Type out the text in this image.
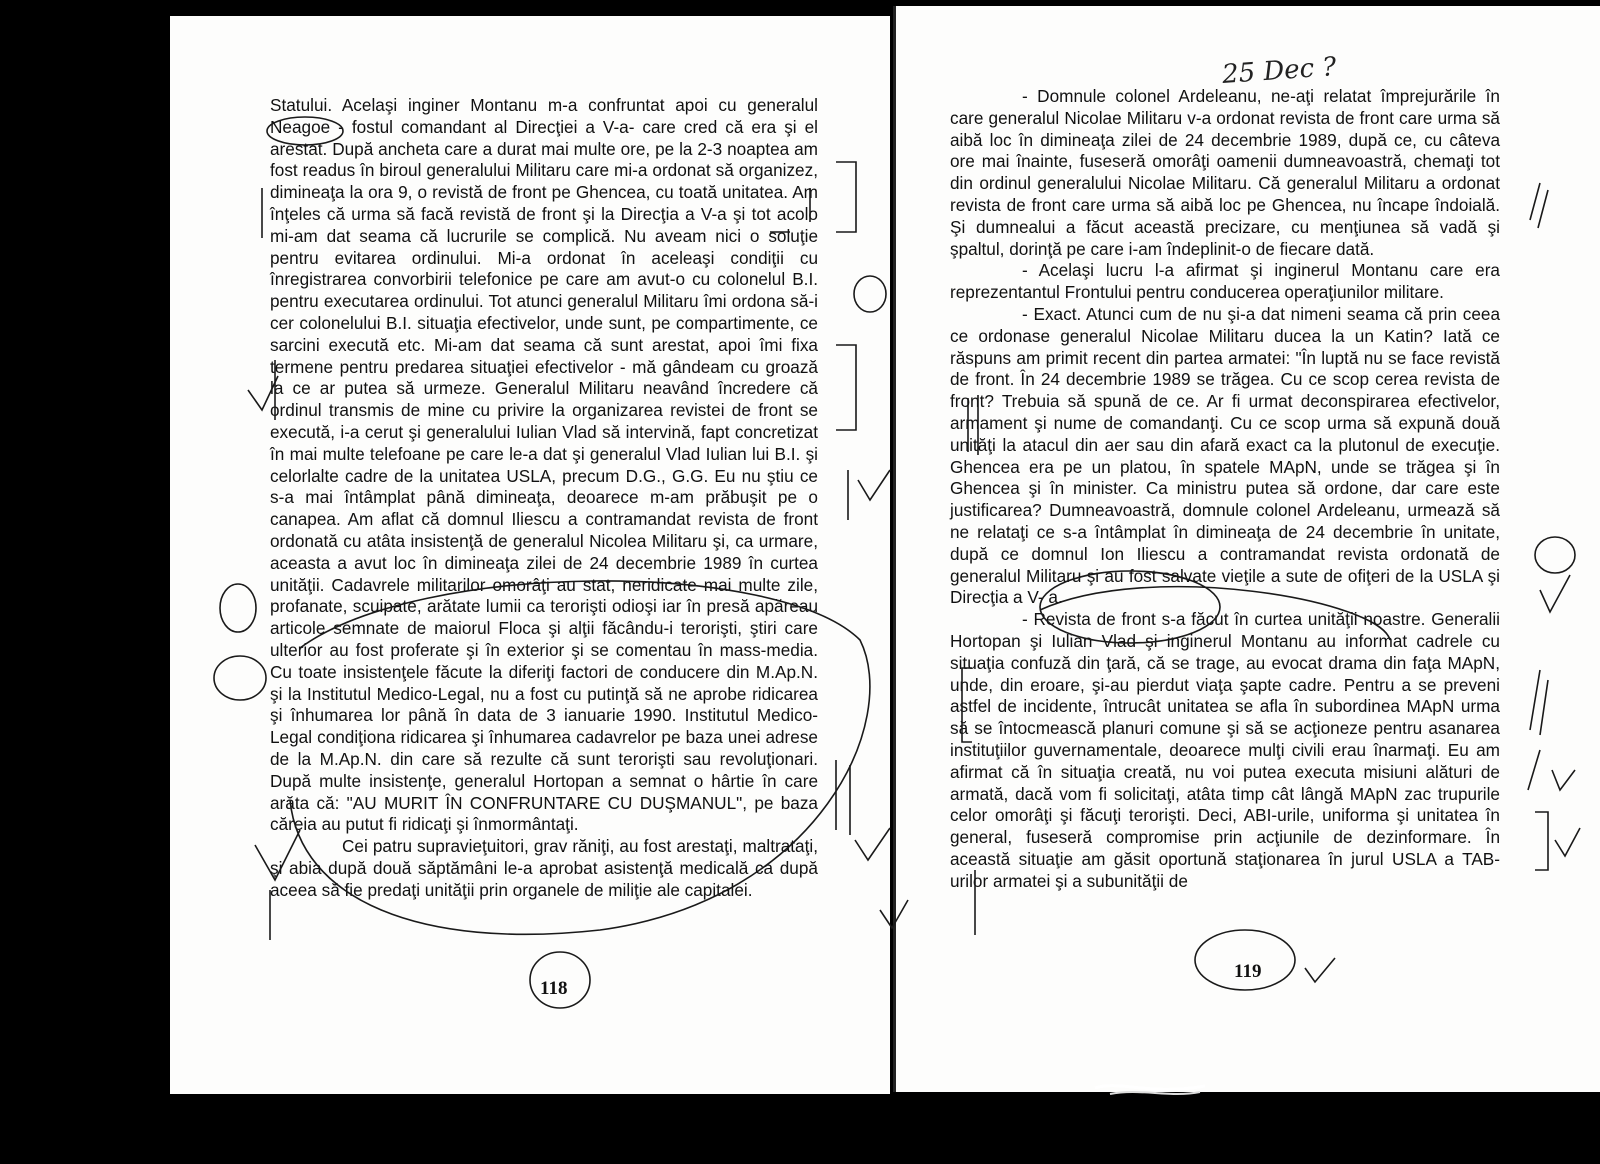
Statului. Acelaşi inginer Montanu m-a confruntat apoi cu generalul Neagoe - fostul comandant al Direcţiei a V-a- care cred că era şi el arestat. După ancheta care a durat mai multe ore, pe la 2-3 noaptea am fost readus în biroul generalului Militaru care mi-a ordonat să organizez, dimineaţa la ora 9, o revistă de front pe Ghencea, cu toată unitatea. Am înţeles că urma să facă revistă de front şi la Direcţia a V-a şi tot acolo mi-am dat seama că lucrurile se complică. Nu aveam nici o soluţie pentru evitarea ordinului. Mi-a ordonat în aceleaşi condiţii cu înregistrarea convorbirii telefonice pe care am avut-o cu colonelul B.I. pentru executarea ordinului. Tot atunci generalul Militaru îmi ordona să-i cer colonelului B.I. situaţia efectivelor, unde sunt, pe compartimente, ce sarcini execută etc. Mi-am dat seama că sunt arestat, apoi îmi fixa termene pentru predarea situaţiei efectivelor - mă gândeam cu groază la ce ar putea să urmeze. Generalul Militaru neavând încredere că ordinul transmis de mine cu privire la organizarea revistei de front se execută, i-a cerut şi generalului Iulian Vlad să intervină, fapt concretizat în mai multe telefoane pe care le-a dat şi generalul Vlad Iulian lui B.I. şi celorlalte cadre de la unitatea USLA, precum D.G., G.G. Eu nu ştiu ce s-a mai întâmplat până dimineaţa, deoarece m-am prăbuşit pe o canapea. Am aflat că domnul Iliescu a contramandat revista de front ordonată cu atâta insistenţă de generalul Nicolea Militaru şi, ca urmare, aceasta a avut loc în dimineaţa zilei de 24 decembrie 1989 în curtea unităţii. Cadavrele militarilor omorâţi au stat, neridicate mai multe zile, profanate, scuipate, arătate lumii ca terorişti odioşi iar în presă apăreau articole semnate de maiorul Floca şi alţii făcându-i terorişti, ştiri care ulterior au fost proferate şi în exterior şi se comentau în mass-media. Cu toate insistenţele făcute la diferiţi factori de conducere din M.Ap.N. şi la Institutul Medico-Legal, nu a fost cu putinţă să ne aprobe ridicarea şi înhumarea lor până în data de 3 ianuarie 1990. Institutul Medico-Legal condiţiona ridicarea şi înhumarea cadavrelor pe baza unei adrese de la M.Ap.N. din care să rezulte că sunt terorişti sau revoluţionari. După multe insistenţe, generalul Hortopan a semnat o hârtie în care arăta că: "AU MURIT ÎN CONFRUNTARE CU DUŞMANUL", pe baza căreia au putut fi ridicaţi şi înmormântaţi.

Cei patru supravieţuitori, grav răniţi, au fost arestaţi, maltrataţi, şi abia după două săptămâni le-a aprobat asistenţă medicală ca după aceea să fie predaţi unităţii prin organele de miliţie ale capitalei.

118

- Domnule colonel Ardeleanu, ne-aţi relatat împrejurările în care generalul Nicolae Militaru v-a ordonat revista de front care urma să aibă loc în dimineaţa zilei de 24 decembrie 1989, după ce, cu câteva ore mai înainte, fuseseră omorâţi oamenii dumneavoastră, chemaţi tot din ordinul generalului Nicolae Militaru. Că generalul Militaru a ordonat revista de front care urma să aibă loc pe Ghencea, nu încape îndoială. Şi dumnealui a făcut această precizare, cu menţiunea să vadă şi şpaltul, dorinţă pe care i-am îndeplinit-o de fiecare dată.

- Acelaşi lucru l-a afirmat şi inginerul Montanu care era reprezentantul Frontului pentru conducerea operaţiunilor militare.

- Exact. Atunci cum de nu şi-a dat nimeni seama că prin ceea ce ordonase generalul Nicolae Militaru ducea la un Katin? Iată ce răspuns am primit recent din partea armatei: "În luptă nu se face revistă de front. În 24 decembrie 1989 se trăgea. Cu ce scop cerea revista de front? Trebuia să spună de ce. Ar fi urmat deconspirarea efectivelor, armament şi nume de comandanţi. Cu ce scop urma să expună două unităţi la atacul din aer sau din afară exact ca la plutonul de execuţie. Ghencea era pe un platou, în spatele MApN, unde se trăgea şi în Ghencea şi în minister. Ca ministru putea să ordone, dar care este justificarea? Dumneavoastră, domnule colonel Ardeleanu, urmează să ne relataţi ce s-a întâmplat în dimineaţa de 24 decembrie în unitate, după ce domnul Ion Iliescu a contramandat revista ordonată de generalul Militaru şi au fost salvate vieţile a sute de ofiţeri de la USLA şi Direcţia a V- a.

- Revista de front s-a făcut în curtea unităţii noastre. Generalii Hortopan şi Iulian Vlad şi inginerul Montanu au informat cadrele cu situaţia confuză din ţară, că se trage, au evocat drama din faţa MApN, unde, din eroare, şi-au pierdut viaţa şapte cadre. Pentru a se preveni astfel de incidente, întrucât unitatea se afla în subordinea MApN urma să se întocmească planuri comune şi să se acţioneze pentru asanarea instituţiilor guvernamentale, deoarece mulţi civili erau înarmaţi. Eu am afirmat că în situaţia creată, nu voi putea executa misiuni alături de armată, dacă vom fi solicitaţi, atâta timp cât lângă MApN zac trupurile celor omorâţi şi făcuţi terorişti. Deci, ABI-urile, uniforma şi unitatea în general, fuseseră compromise prin acţiunile de dezinformare. În această situaţie am găsit oportună staţionarea în jurul USLA a TAB-urilor armatei şi a subunităţii de

25 Dec ?
119
